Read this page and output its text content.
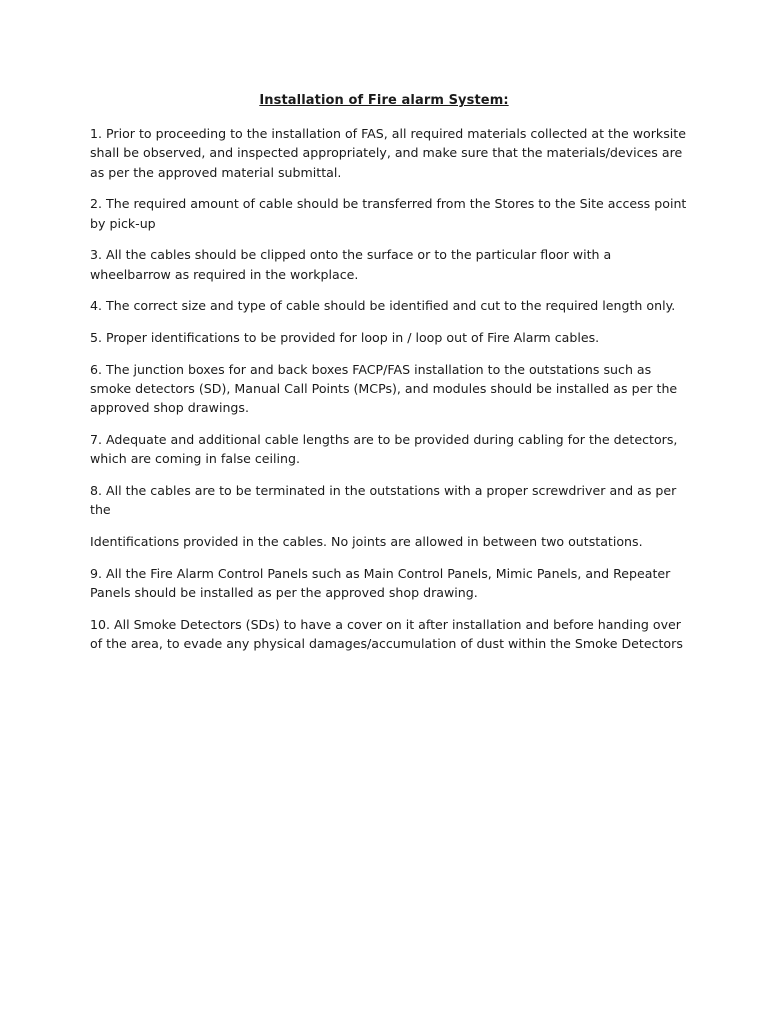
Installation of Fire alarm System:

1. Prior to proceeding to the installation of FAS, all required materials collected at the worksite shall be observed, and inspected appropriately, and make sure that the materials/devices are as per the approved material submittal.

2. The required amount of cable should be transferred from the Stores to the Site access point by pick-up

3. All the cables should be clipped onto the surface or to the particular floor with a wheelbarrow as required in the workplace.

4. The correct size and type of cable should be identified and cut to the required length only.

5. Proper identifications to be provided for loop in / loop out of Fire Alarm cables.

6. The junction boxes for and back boxes FACP/FAS installation to the outstations such as smoke detectors (SD), Manual Call Points (MCPs), and modules should be installed as per the approved shop drawings.

7. Adequate and additional cable lengths are to be provided during cabling for the detectors, which are coming in false ceiling.

8. All the cables are to be terminated in the outstations with a proper screwdriver and as per the

Identifications provided in the cables. No joints are allowed in between two outstations.

9. All the Fire Alarm Control Panels such as Main Control Panels, Mimic Panels, and Repeater Panels should be installed as per the approved shop drawing.

10. All Smoke Detectors (SDs) to have a cover on it after installation and before handing over of the area, to evade any physical damages/accumulation of dust within the Smoke Detectors
